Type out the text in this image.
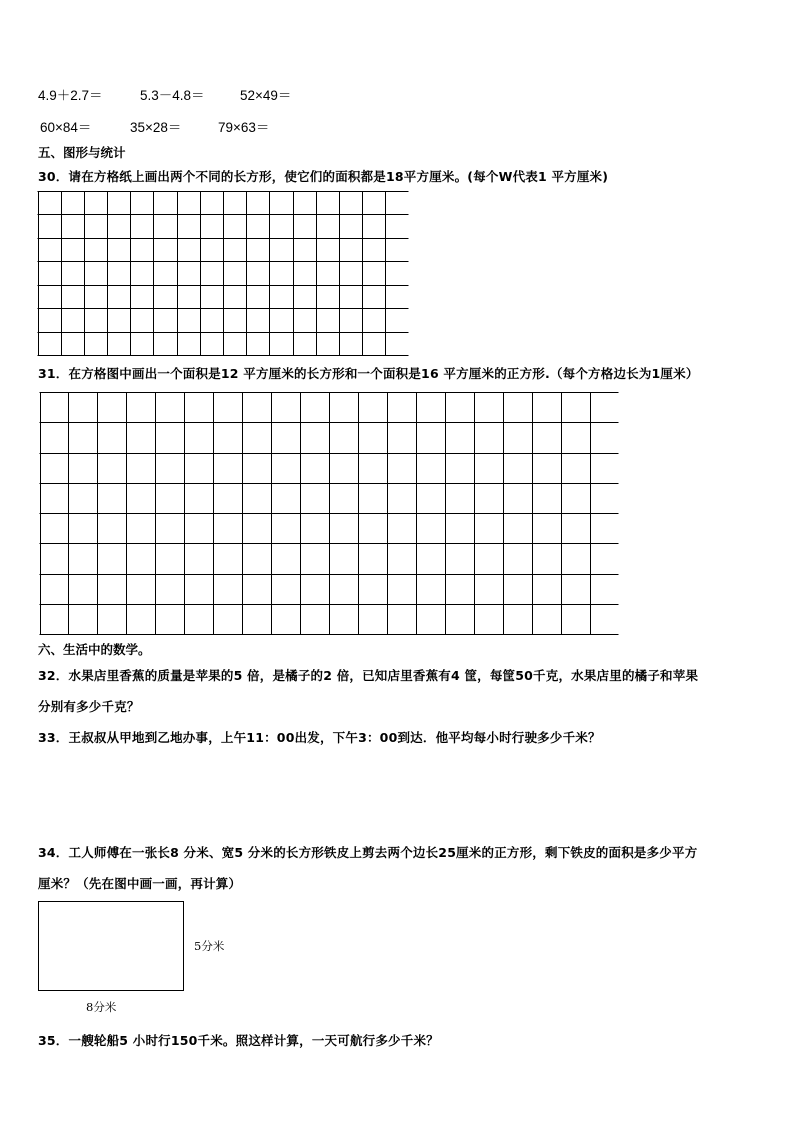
4.9＋2.7＝	5.3－4.8＝	52×49＝
60×84＝	35×28＝	79×63＝
五、图形与统计
30．请在方格纸上画出两个不同的长方形，使它们的面积都是18平方厘米。(每个W代表1 平方厘米)
31．在方格图中画出一个面积是12 平方厘米的长方形和一个面积是16 平方厘米的正方形.（每个方格边长为1厘米）
六、生活中的数学。
32．水果店里香蕉的质量是苹果的5 倍，是橘子的2 倍，已知店里香蕉有4 筐，每筐50千克，水果店里的橘子和苹果
分别有多少千克？
33．王叔叔从甲地到乙地办事，上午11：00出发，下午3：00到达．他平均每小时行驶多少千米？
34．工人师傅在一张长8 分米、宽5 分米的长方形铁皮上剪去两个边长25厘米的正方形，剩下铁皮的面积是多少平方
厘米？（先在图中画一画，再计算）
5分米
8分米
35．一艘轮船5 小时行150千米。照这样计算，一天可航行多少千米？
